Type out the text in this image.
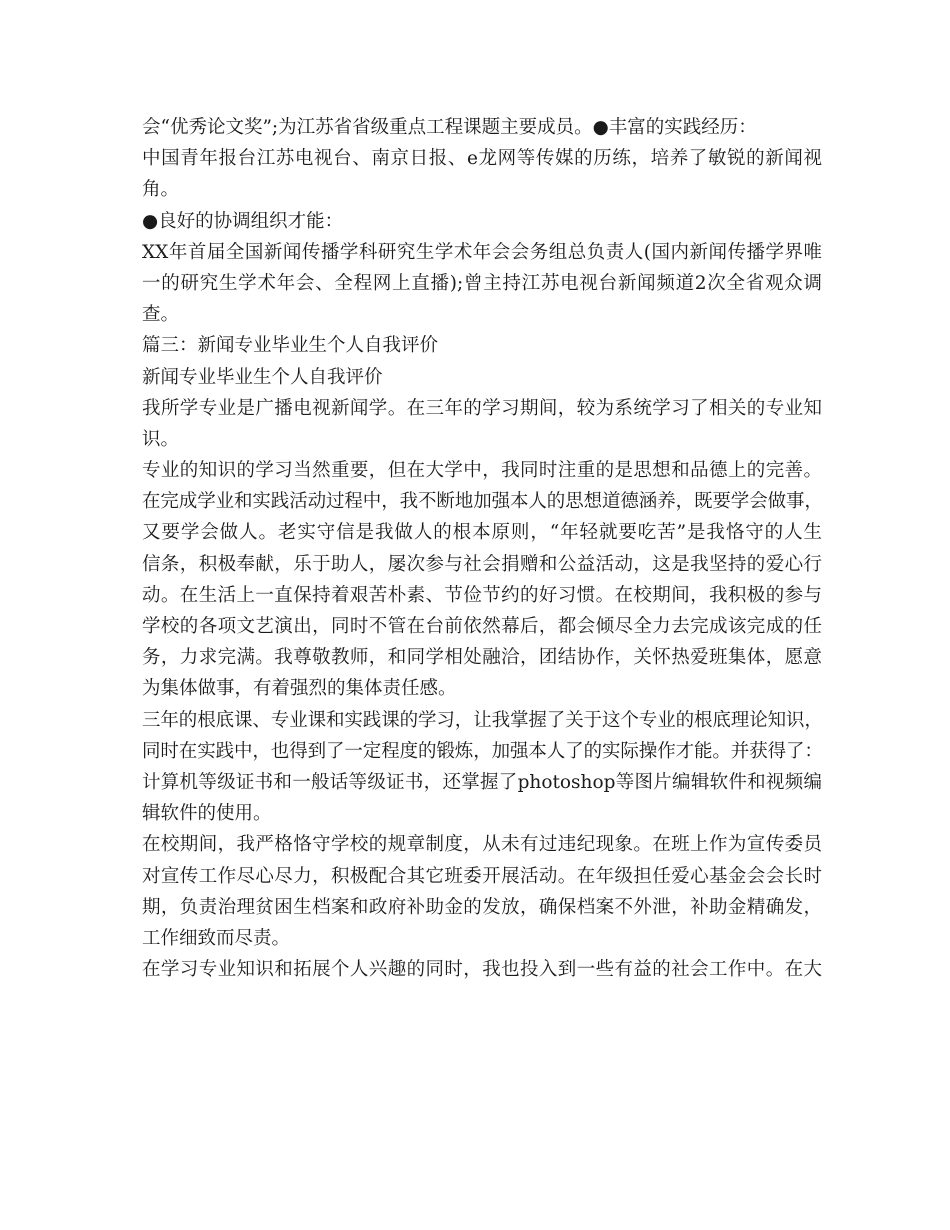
会“优秀论文奖”;为江苏省省级重点工程课题主要成员。●丰富的实践经历：
中国青年报台江苏电视台、南京日报、e龙网等传媒的历练，培养了敏锐的新闻视
角。
●良好的协调组织才能：
XX年首届全国新闻传播学科研究生学术年会会务组总负责人(国内新闻传播学界唯
一的研究生学术年会、全程网上直播);曾主持江苏电视台新闻频道2次全省观众调
查。
篇三：新闻专业毕业生个人自我评价
新闻专业毕业生个人自我评价
我所学专业是广播电视新闻学。在三年的学习期间，较为系统学习了相关的专业知
识。
专业的知识的学习当然重要，但在大学中，我同时注重的是思想和品德上的完善。
在完成学业和实践活动过程中，我不断地加强本人的思想道德涵养，既要学会做事，
又要学会做人。老实守信是我做人的根本原则，“年轻就要吃苦”是我恪守的人生
信条，积极奉献，乐于助人，屡次参与社会捐赠和公益活动，这是我坚持的爱心行
动。在生活上一直保持着艰苦朴素、节俭节约的好习惯。在校期间，我积极的参与
学校的各项文艺演出，同时不管在台前依然幕后，都会倾尽全力去完成该完成的任
务，力求完满。我尊敬教师，和同学相处融洽，团结协作，关怀热爱班集体，愿意
为集体做事，有着强烈的集体责任感。
三年的根底课、专业课和实践课的学习，让我掌握了关于这个专业的根底理论知识，
同时在实践中，也得到了一定程度的锻炼，加强本人了的实际操作才能。并获得了：
计算机等级证书和一般话等级证书，还掌握了photoshop等图片编辑软件和视频编
辑软件的使用。
在校期间，我严格恪守学校的规章制度，从未有过违纪现象。在班上作为宣传委员
对宣传工作尽心尽力，积极配合其它班委开展活动。在年级担任爱心基金会会长时
期，负责治理贫困生档案和政府补助金的发放，确保档案不外泄，补助金精确发，
工作细致而尽责。
在学习专业知识和拓展个人兴趣的同时，我也投入到一些有益的社会工作中。在大
